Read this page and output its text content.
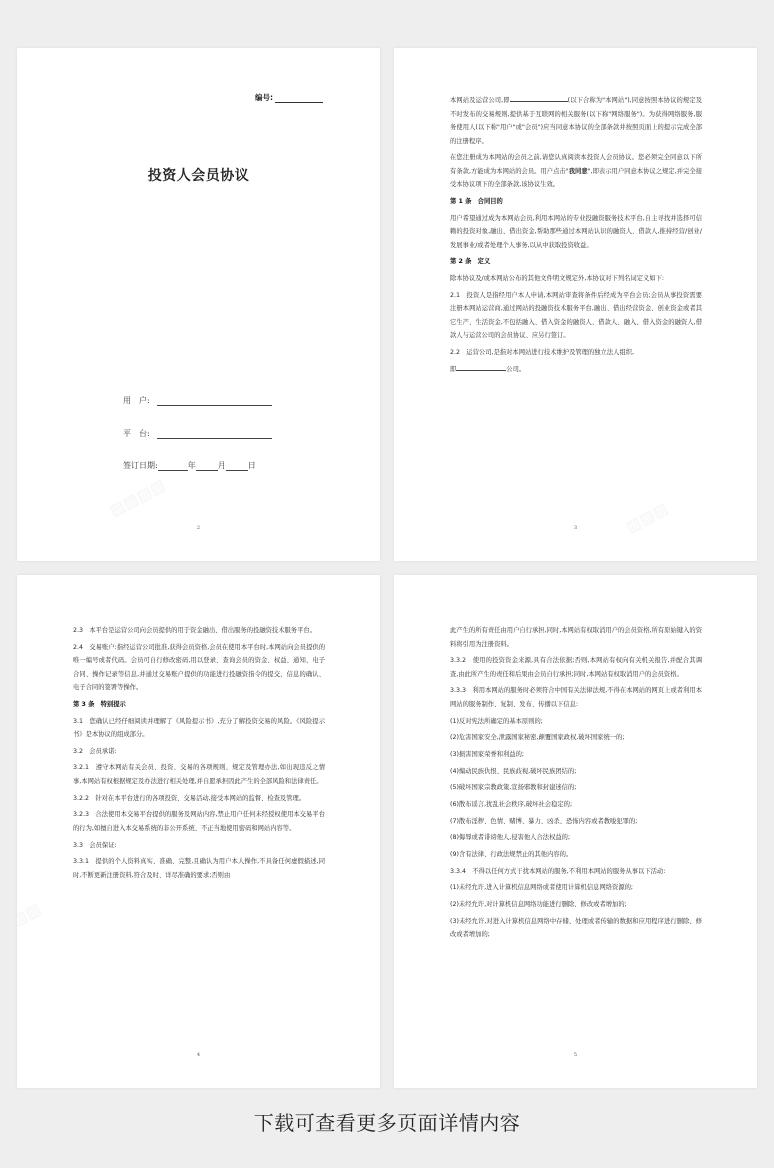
编号:
投资人会员协议
用　户:
平　台:
签订日期:	年	月	日
2

本网站及运营公司,即	(以下合称为"本网站"),同意按照本协议的规定及不时发布的交易规则,提供基于互联网的相关服务(以下称"网络服务")。为获得网络服务,服务使用人(以下称"用户"或"会员")应当同意本协议的全部条款并按照页面上的提示完成全部的注册程序。

在您注册成为本网站的会员之前,请您认真阅读本投资人会员协议。您必须完全同意以下所有条款,方能成为本网站的会员。用户点击"我同意",即表示用户同意本协议之规定,并完全接受本协议项下的全部条款,该协议生效。

第 1 条　合同目的

用户希望通过成为本网站会员,利用本网站的专业投融资服务技术平台,自主寻找并选择可信赖的投资对象,融出、借出资金,帮助那些通过本网站认识的融资人、借款人,推持经营/创业/发展事业/或者处理个人事务,以从中获取投资收益。

第 2 条　定义

除本协议及/或本网站公布的其他文件明文规定外,本协议对下列名词定义如下:

2.1　投资人是指经用户本人申请,本网站审查将条件后经成为平台会员;会员从事投资需要注册本网站运营商,通过网站的投融资技术服务平台,融出、借出经营资金、创业资金或者其它生产、生活资金,不包括融入、借入资金的融资人、借款人、融入、借入资金的融资人,借款人与运营公司的会员协议、应另行签订。

2.2　运营公司,是指对本网站进行技术维护及管理的独立法人组织,

即	公司。

3

2.3　本平台是运营公司向会员提供的用于资金融出、借出服务的投融资技术服务平台。

2.4　交易账户:指经运营公司批准,获得会员资格,会员在使用本平台时,本网站向会员提供的唯一编号或者代码。会员可自行修改密码,用以登录、查询会员的资金、权益、通知、电子合同、操作记录等信息,并通过交易账户提供的功能进行投融资指令的提交、信息的确认、电子合同的签署等操作。

第 3 条　特别提示

3.1　您确认已经仔细阅读并理解了《风险提示书》,充分了解投资交易的风险。《风险提示书》是本协议的组成部分。

3.2　会员承诺:

3.2.1　遵守本网站有关会员、投资、交易的各项规则、规定及管理办法,如出现违反之情事,本网站有权根据规定及办法进行相关处理,并自愿承担因此产生的全部风险和法律责任。

3.2.2　针对在本平台进行的各项投资、交易活动,接受本网站的监督、检查及管理。

3.2.3　合法使用本交易平台提供的服务及网站内容,禁止用户任何未经授权使用本交易平台的行为,如擅自进入本交易系统的非公开系统、不正当地使用密码和网站内容等。

3.3　会员保证:

3.3.1　提供的个人资料真实、准确、完整,且确认为用户本人操作,不具备任何虚假描述,同时,不断更新注册资料,符合及时、详尽准确的要求;否则由

4

此产生的所有责任由用户自行承担,同时,本网站有权取消用户的会员资格,所有原始键入的资料将引用为注册资料。

3.3.2　使用的投资资金来源,具有合法依据;否则,本网站有权向有关机关报告,并配合其调查,由此所产生的责任和后果由会员自行承担;同时,本网站有权取消用户的会员资格。

3.3.3　利用本网站的服务时必须符合中国有关法律法规,不得在本网站的网页上或者利用本网站的服务制作、复制、发布、传播以下信息:

(1)反对宪法所确定的基本原则的;

(2)危害国家安全,泄露国家秘密,颠覆国家政权,破坏国家统一的;

(3)损害国家荣誉和利益的;

(4)煽动民族仇恨、民族歧视,破坏民族团结的;

(5)破坏国家宗教政策,宣扬邪教和封建迷信的;

(6)散布谣言,扰乱社会秩序,破坏社会稳定的;

(7)散布淫秽、色情、赌博、暴力、凶杀、恐怖内容或者教唆犯罪的;

(8)侮辱或者诽谤他人,侵害他人合法权益的;

(9)含有法律、行政法规禁止的其他内容的。

3.3.4　不得以任何方式干扰本网站的服务,不利用本网站的服务从事以下活动:

(1)未经允许,进入计算机信息网络或者使用计算机信息网络资源的;

(2)未经允许,对计算机信息网络功能进行删除、修改或者增加的;

(3)未经允许,对进入计算机信息网络中存储、处理或者传输的数据和应用程序进行删除、修改或者增加的;

5
下载可查看更多页面详情内容
